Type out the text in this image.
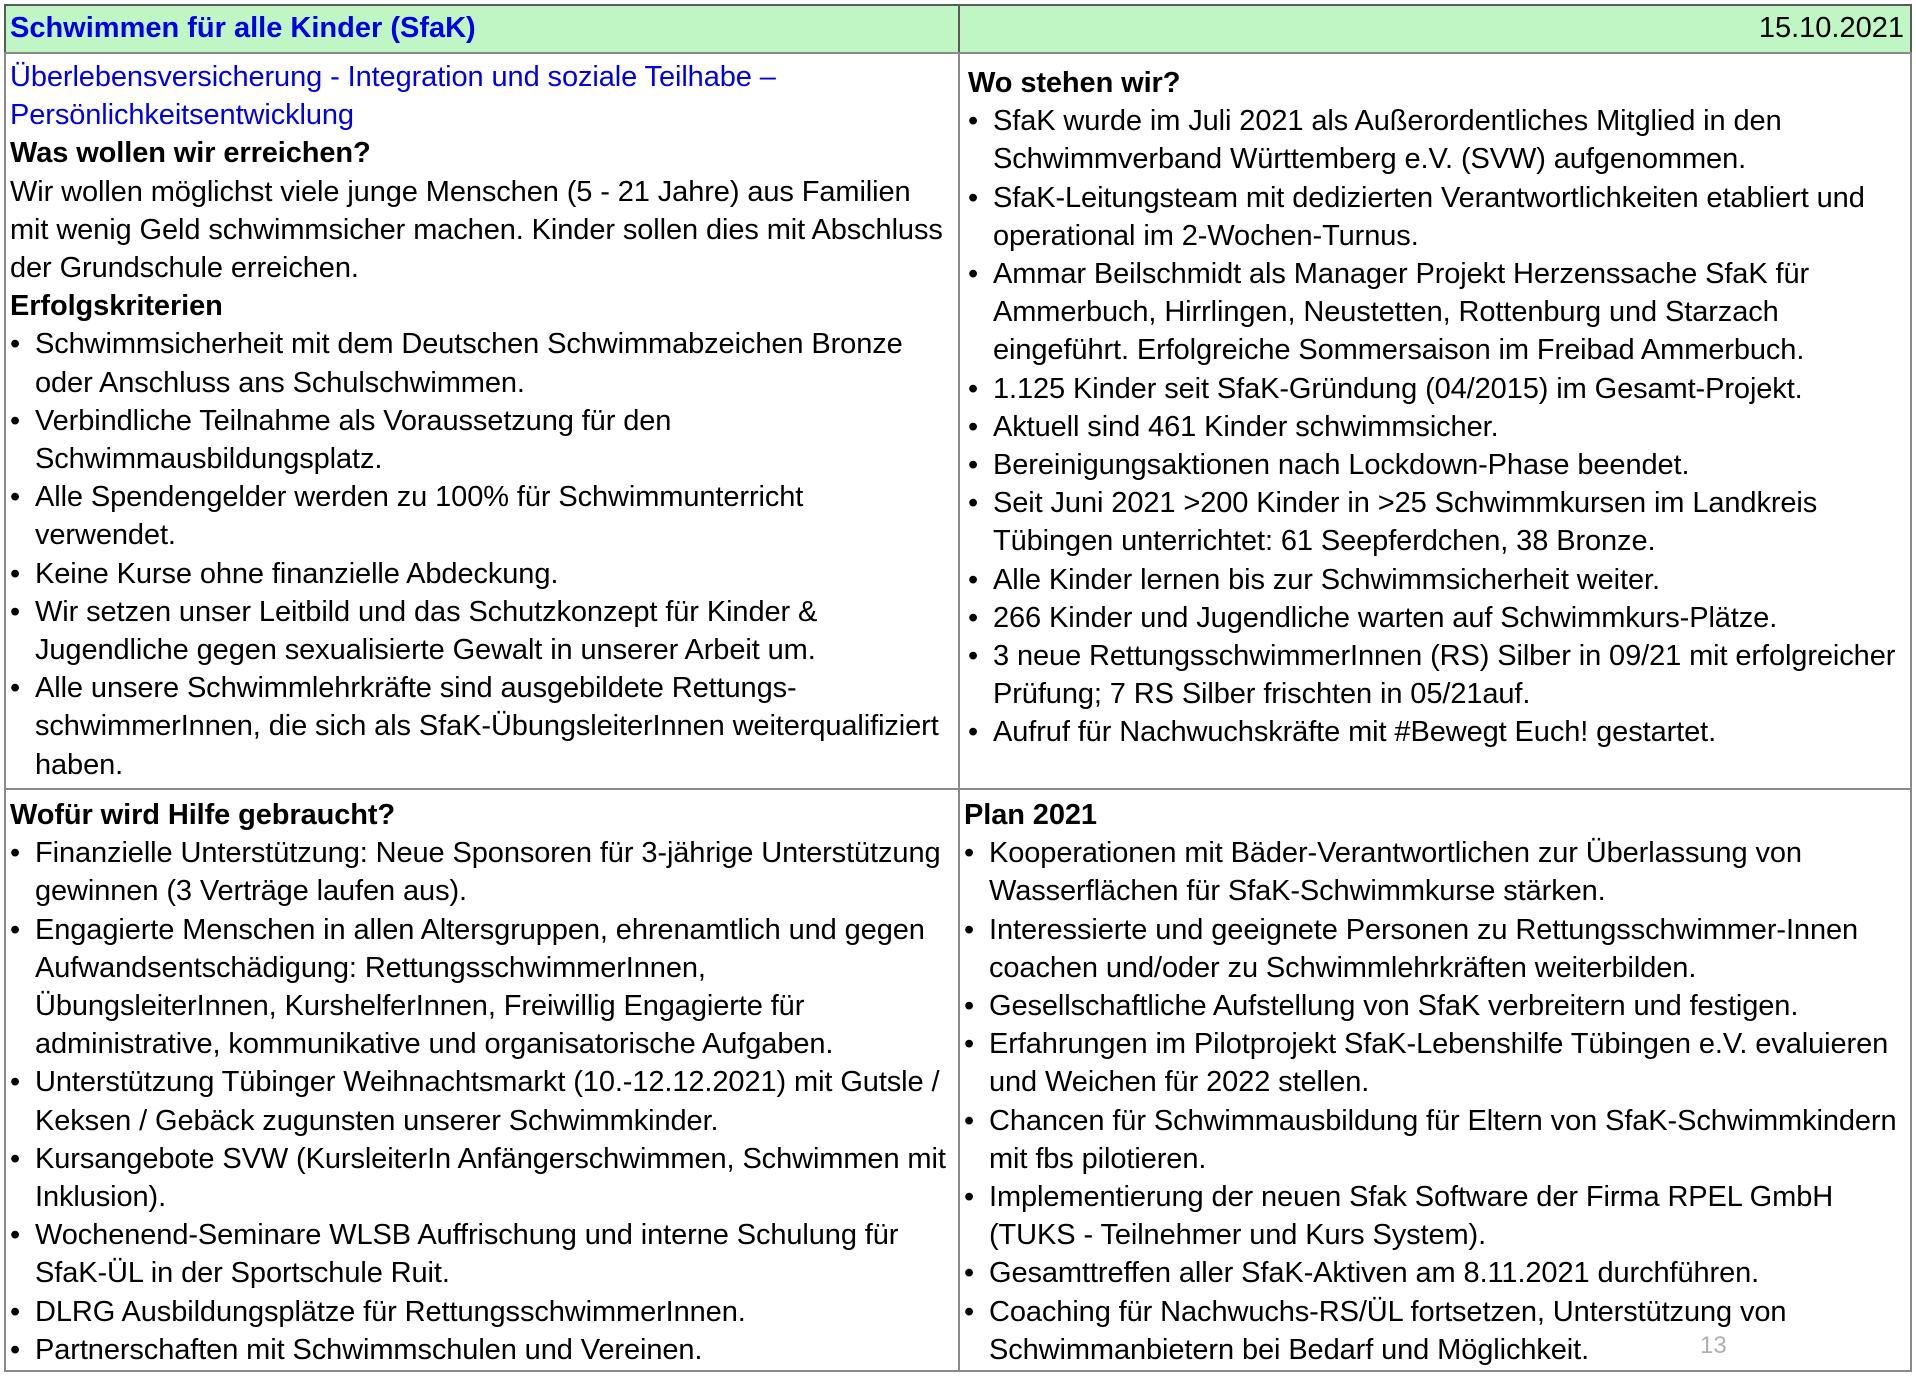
Schwimmen für alle Kinder (SfaK)	15.10.2021
Überlebensversicherung - Integration und soziale Teilhabe – Persönlichkeitsentwicklung
Was wollen wir erreichen?
Wir wollen möglichst viele junge Menschen (5 - 21 Jahre) aus Familien mit wenig Geld schwimmsicher machen. Kinder sollen dies mit Abschluss der Grundschule erreichen.
Erfolgskriterien
• Schwimmsicherheit mit dem Deutschen Schwimmabzeichen Bronze oder Anschluss ans Schulschwimmen.
• Verbindliche Teilnahme als Voraussetzung für den Schwimmausbildungsplatz.
• Alle Spendengelder werden zu 100% für Schwimmunterricht verwendet.
• Keine Kurse ohne finanzielle Abdeckung.
• Wir setzen unser Leitbild und das Schutzkonzept für Kinder & Jugendliche gegen sexualisierte Gewalt in unserer Arbeit um.
• Alle unsere Schwimmlehrkräfte sind ausgebildete Rettungs-schwimmerInnen, die sich als SfaK-ÜbungsleiterInnen weiterqualifiziert haben.
Wo stehen wir?
• SfaK wurde im Juli 2021 als Außerordentliches Mitglied in den Schwimmverband Württemberg e.V. (SVW) aufgenommen.
• SfaK-Leitungsteam mit dedizierten Verantwortlichkeiten etabliert und operational im 2-Wochen-Turnus.
• Ammar Beilschmidt als Manager Projekt Herzenssache SfaK für Ammerbuch, Hirrlingen, Neustetten, Rottenburg und Starzach eingeführt. Erfolgreiche Sommersaison im Freibad Ammerbuch.
• 1.125 Kinder seit SfaK-Gründung (04/2015) im Gesamt-Projekt.
• Aktuell sind 461 Kinder schwimmsicher.
• Bereinigungsaktionen nach Lockdown-Phase beendet.
• Seit Juni 2021 >200 Kinder in >25 Schwimmkursen im Landkreis Tübingen unterrichtet: 61 Seepferdchen, 38 Bronze.
• Alle Kinder lernen bis zur Schwimmsicherheit weiter.
• 266 Kinder und Jugendliche warten auf Schwimmkurs-Plätze.
• 3 neue RettungsschwimmerInnen (RS) Silber in 09/21 mit erfolgreicher Prüfung; 7 RS Silber frischten in 05/21auf.
• Aufruf für Nachwuchskräfte mit #Bewegt Euch! gestartet.
Wofür wird Hilfe gebraucht?
• Finanzielle Unterstützung: Neue Sponsoren für 3-jährige Unterstützung gewinnen (3 Verträge laufen aus).
• Engagierte Menschen in allen Altersgruppen, ehrenamtlich und gegen Aufwandsentschädigung: RettungsschwimmerInnen, ÜbungsleiterInnen, KurshelferInnen, Freiwillig Engagierte für administrative, kommunikative und organisatorische Aufgaben.
• Unterstützung Tübinger Weihnachtsmarkt (10.-12.12.2021) mit Gutsle / Keksen / Gebäck zugunsten unserer Schwimmkinder.
• Kursangebote SVW (KursleiterIn Anfängerschwimmen, Schwimmen mit Inklusion).
• Wochenend-Seminare WLSB Auffrischung und interne Schulung für SfaK-ÜL in der Sportschule Ruit.
• DLRG Ausbildungsplätze für RettungsschwimmerInnen.
• Partnerschaften mit Schwimmschulen und Vereinen.
Plan 2021
• Kooperationen mit Bäder-Verantwortlichen zur Überlassung von Wasserflächen für SfaK-Schwimmkurse stärken.
• Interessierte und geeignete Personen zu Rettungsschwimmer-Innen coachen und/oder zu Schwimmlehrkräften weiterbilden.
• Gesellschaftliche Aufstellung von SfaK verbreitern und festigen.
• Erfahrungen im Pilotprojekt SfaK-Lebenshilfe Tübingen e.V. evaluieren und Weichen für 2022 stellen.
• Chancen für Schwimmausbildung für Eltern von SfaK-Schwimmkindern mit fbs pilotieren.
• Implementierung der neuen Sfak Software der Firma RPEL GmbH (TUKS - Teilnehmer und Kurs System).
• Gesamttreffen aller SfaK-Aktiven am 8.11.2021 durchführen.
• Coaching für Nachwuchs-RS/ÜL fortsetzen, Unterstützung von Schwimmanbietern bei Bedarf und Möglichkeit.	13
